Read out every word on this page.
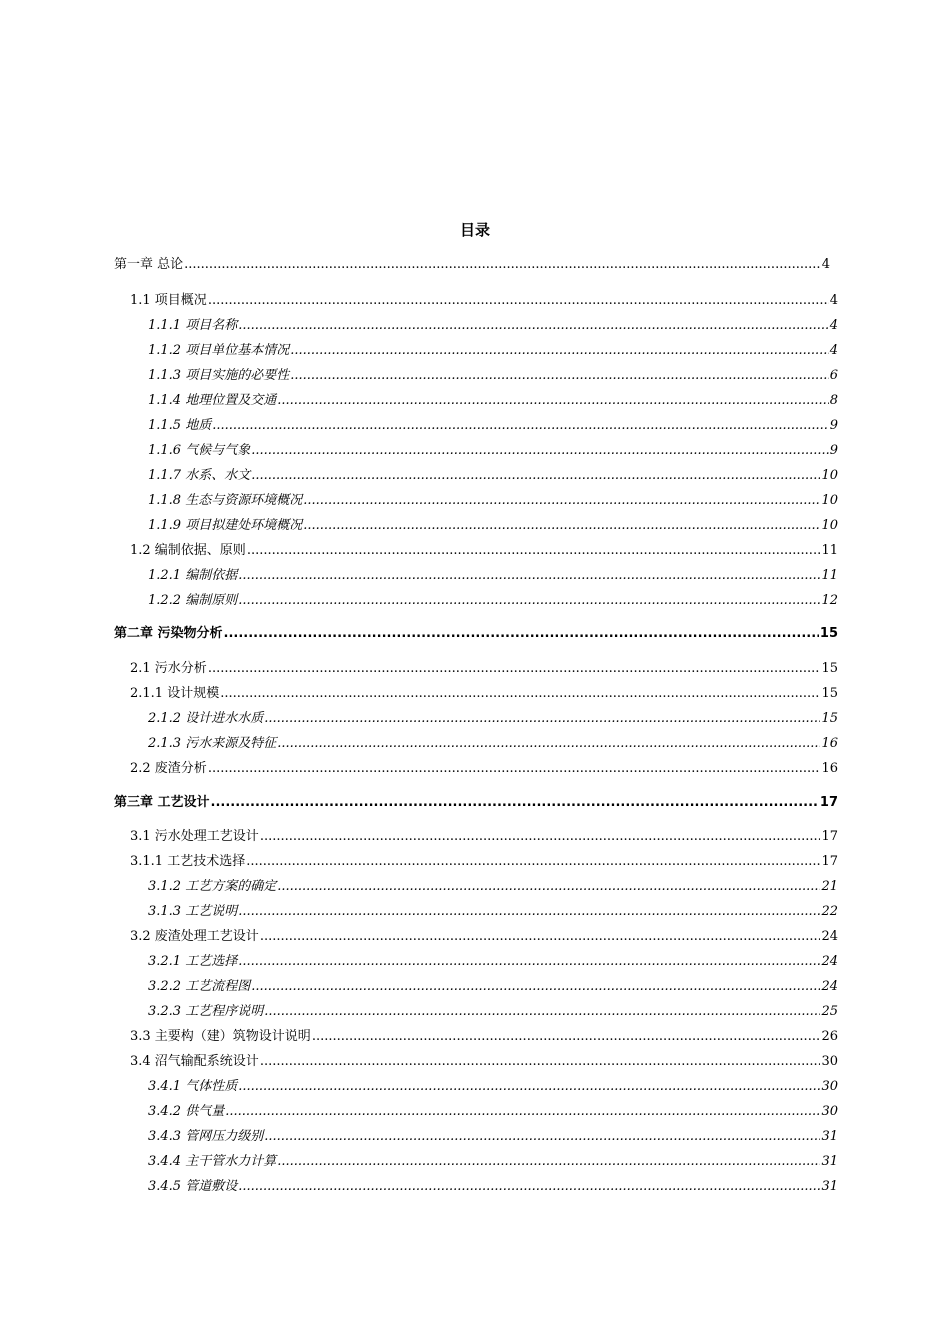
目录
第一章 总论 .....	4
1.1 项目概况 .....	4
1.1.1 项目名称 .....	4
1.1.2 项目单位基本情况 .....	4
1.1.3 项目实施的必要性 .....	6
1.1.4 地理位置及交通 .....	8
1.1.5 地质 .....	9
1.1.6 气候与气象 .....	9
1.1.7 水系、水文 .....	10
1.1.8 生态与资源环境概况 .....	10
1.1.9 项目拟建处环境概况 .....	10
1.2 编制依据、原则 .....	11
1.2.1 编制依据 .....	11
1.2.2 编制原则 .....	12
第二章 污染物分析 .....	15
2.1 污水分析 .....	15
2.1.1 设计规模 .....	15
2.1.2 设计进水水质 .....	15
2.1.3 污水来源及特征 .....	16
2.2 废渣分析 .....	16
第三章 工艺设计 .....	17
3.1 污水处理工艺设计 .....	17
3.1.1 工艺技术选择 .....	17
3.1.2 工艺方案的确定 .....	21
3.1.3 工艺说明 .....	22
3.2 废渣处理工艺设计 .....	24
3.2.1 工艺选择 .....	24
3.2.2 工艺流程图 .....	24
3.2.3 工艺程序说明 .....	25
3.3 主要构（建）筑物设计说明 .....	26
3.4 沼气输配系统设计 .....	30
3.4.1 气体性质 .....	30
3.4.2 供气量 .....	30
3.4.3 管网压力级别 .....	31
3.4.4 主干管水力计算 .....	31
3.4.5 管道敷设 .....	31
